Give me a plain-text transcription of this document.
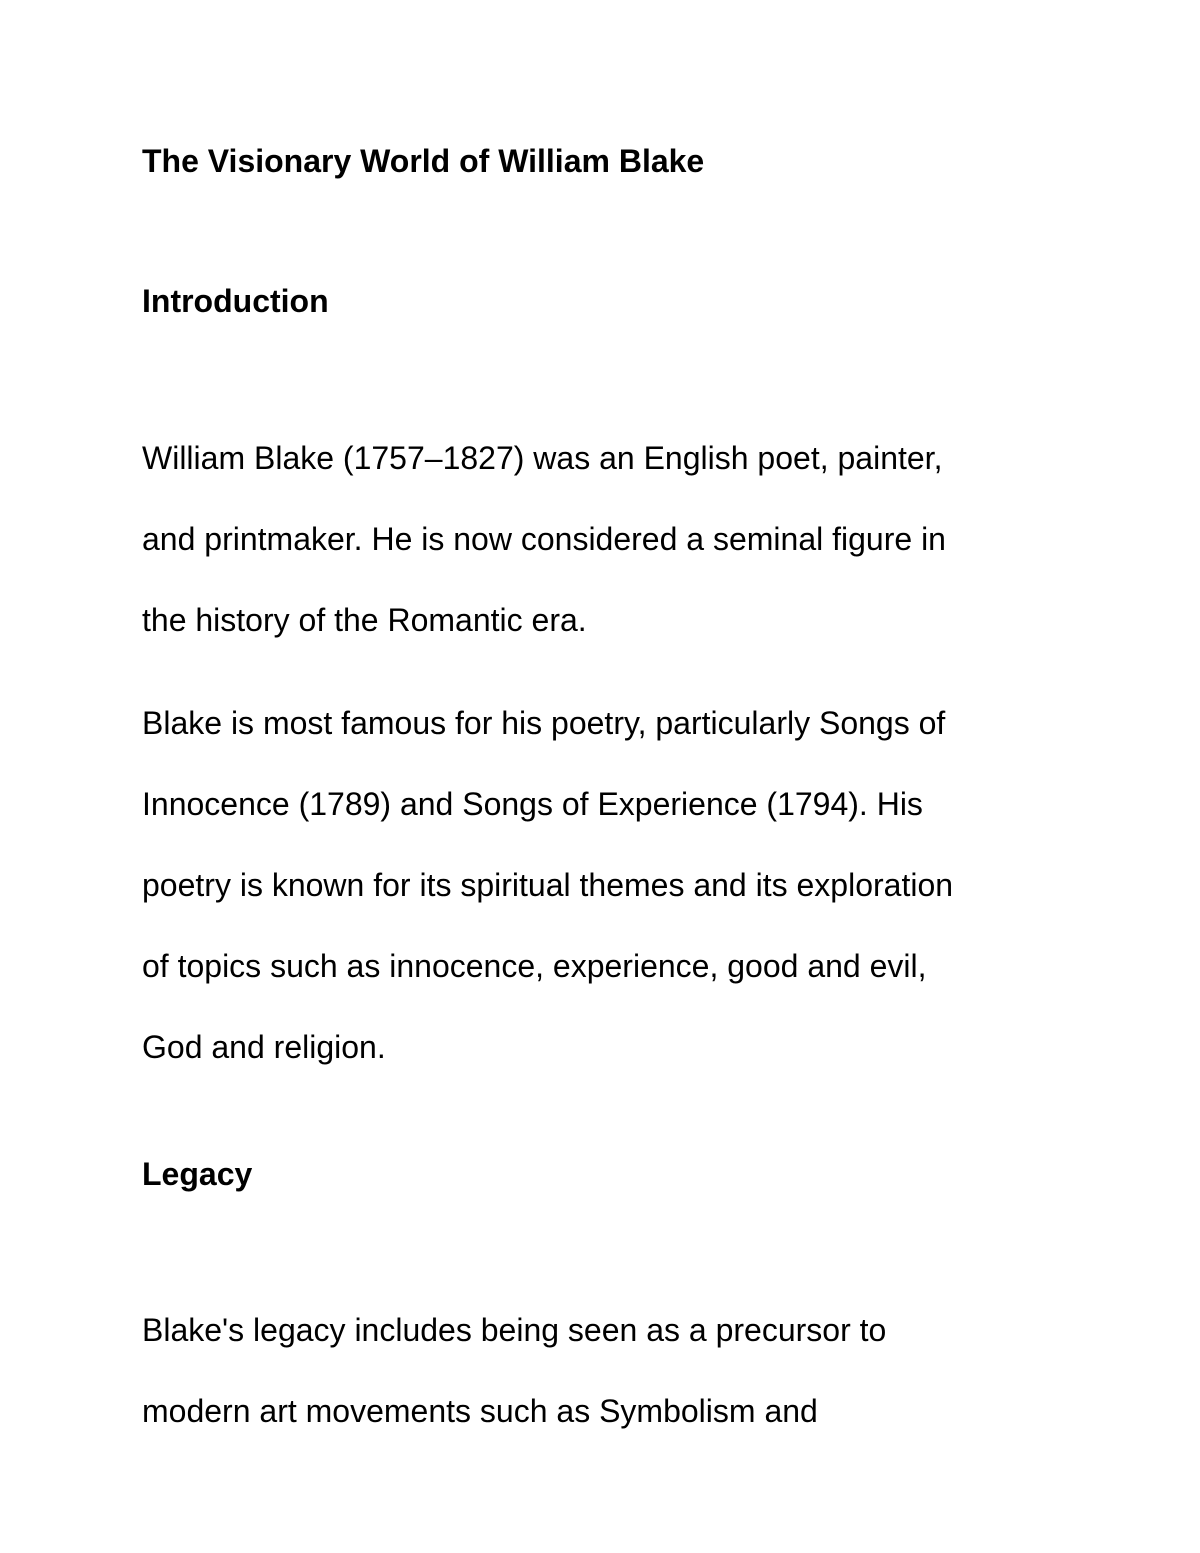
The Visionary World of William Blake
Introduction
William Blake (1757–1827) was an English poet, painter,
and printmaker. He is now considered a seminal figure in
the history of the Romantic era.
Blake is most famous for his poetry, particularly Songs of
Innocence (1789) and Songs of Experience (1794). His
poetry is known for its spiritual themes and its exploration
of topics such as innocence, experience, good and evil,
God and religion.
Legacy
Blake's legacy includes being seen as a precursor to
modern art movements such as Symbolism and
